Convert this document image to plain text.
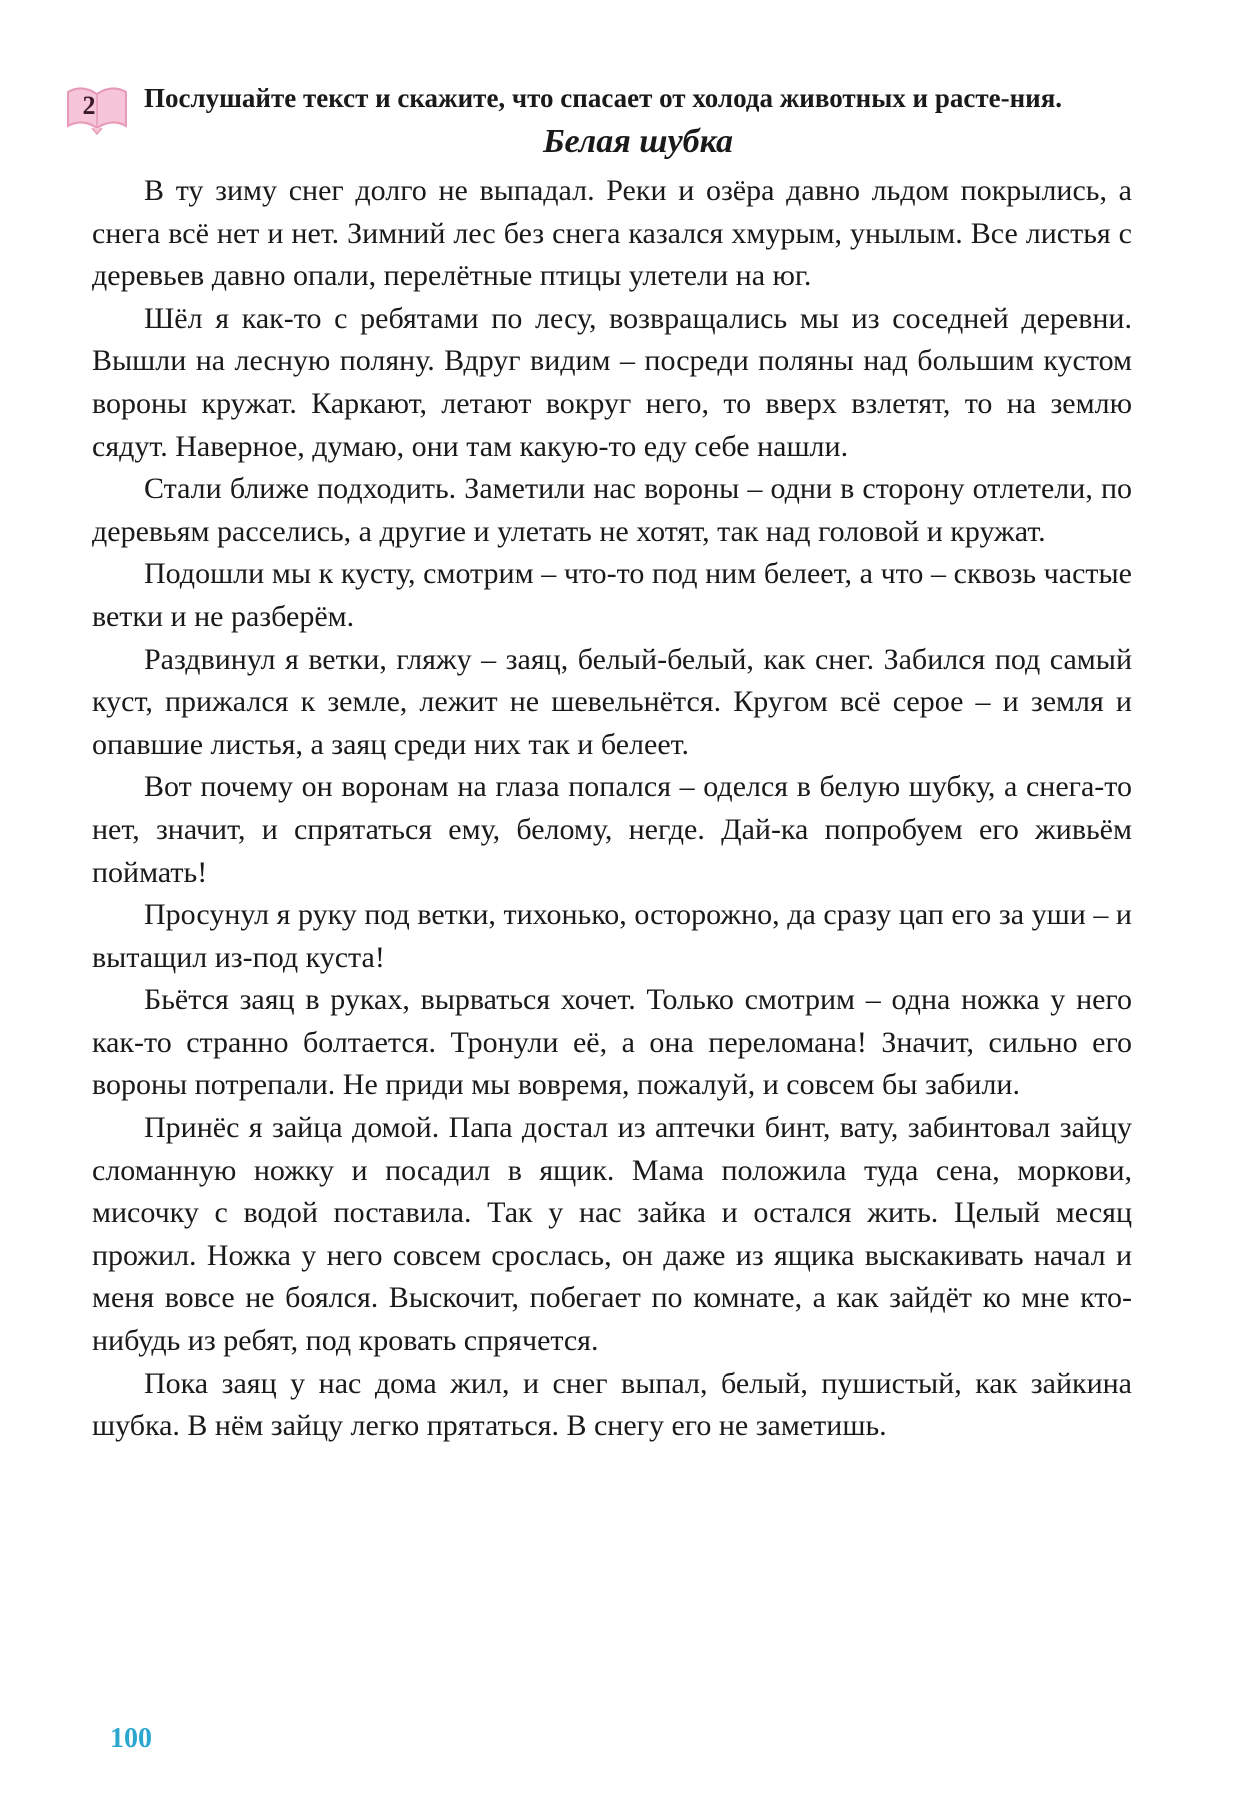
2 Послушайте текст и скажите, что спасает от холода животных и расте-ния.
Белая шубка

В ту зиму снег долго не выпадал. Реки и озёра давно льдом покрылись, а снега всё нет и нет. Зимний лес без снега казался хмурым, унылым. Все листья с деревьев давно опали, перелётные птицы улетели на юг.

Шёл я как-то с ребятами по лесу, возвращались мы из соседней деревни. Вышли на лесную поляну. Вдруг видим – посреди поляны над большим кустом вороны кружат. Каркают, летают вокруг него, то вверх взлетят, то на землю сядут. Наверное, думаю, они там какую-то еду себе нашли.

Стали ближе подходить. Заметили нас вороны – одни в сторону отлетели, по деревьям расселись, а другие и улетать не хотят, так над головой и кружат.

Подошли мы к кусту, смотрим – что-то под ним белеет, а что – сквозь частые ветки и не разберём.

Раздвинул я ветки, гляжу – заяц, белый-белый, как снег. Забился под самый куст, прижался к земле, лежит не шевельнётся. Кругом всё серое – и земля и опавшие листья, а заяц среди них так и белеет.

Вот почему он воронам на глаза попался – оделся в белую шубку, а снега-то нет, значит, и спрятаться ему, белому, негде. Дай-ка попробуем его живьём поймать!

Просунул я руку под ветки, тихонько, осторожно, да сразу цап его за уши – и вытащил из-под куста!

Бьётся заяц в руках, вырваться хочет. Только смотрим – одна ножка у него как-то странно болтается. Тронули её, а она переломана! Значит, сильно его вороны потрепали. Не приди мы вовремя, пожалуй, и совсем бы забили.

Принёс я зайца домой. Папа достал из аптечки бинт, вату, забинтовал зайцу сломанную ножку и посадил в ящик. Мама положила туда сена, моркови, мисочку с водой поставила. Так у нас зайка и остался жить. Целый месяц прожил. Ножка у него совсем срослась, он даже из ящика выскакивать начал и меня вовсе не боялся. Выскочит, побегает по комнате, а как зайдёт ко мне кто-нибудь из ребят, под кровать спрячется.

Пока заяц у нас дома жил, и снег выпал, белый, пушистый, как зайкина шубка. В нём зайцу легко прятаться. В снегу его не заметишь.

100
